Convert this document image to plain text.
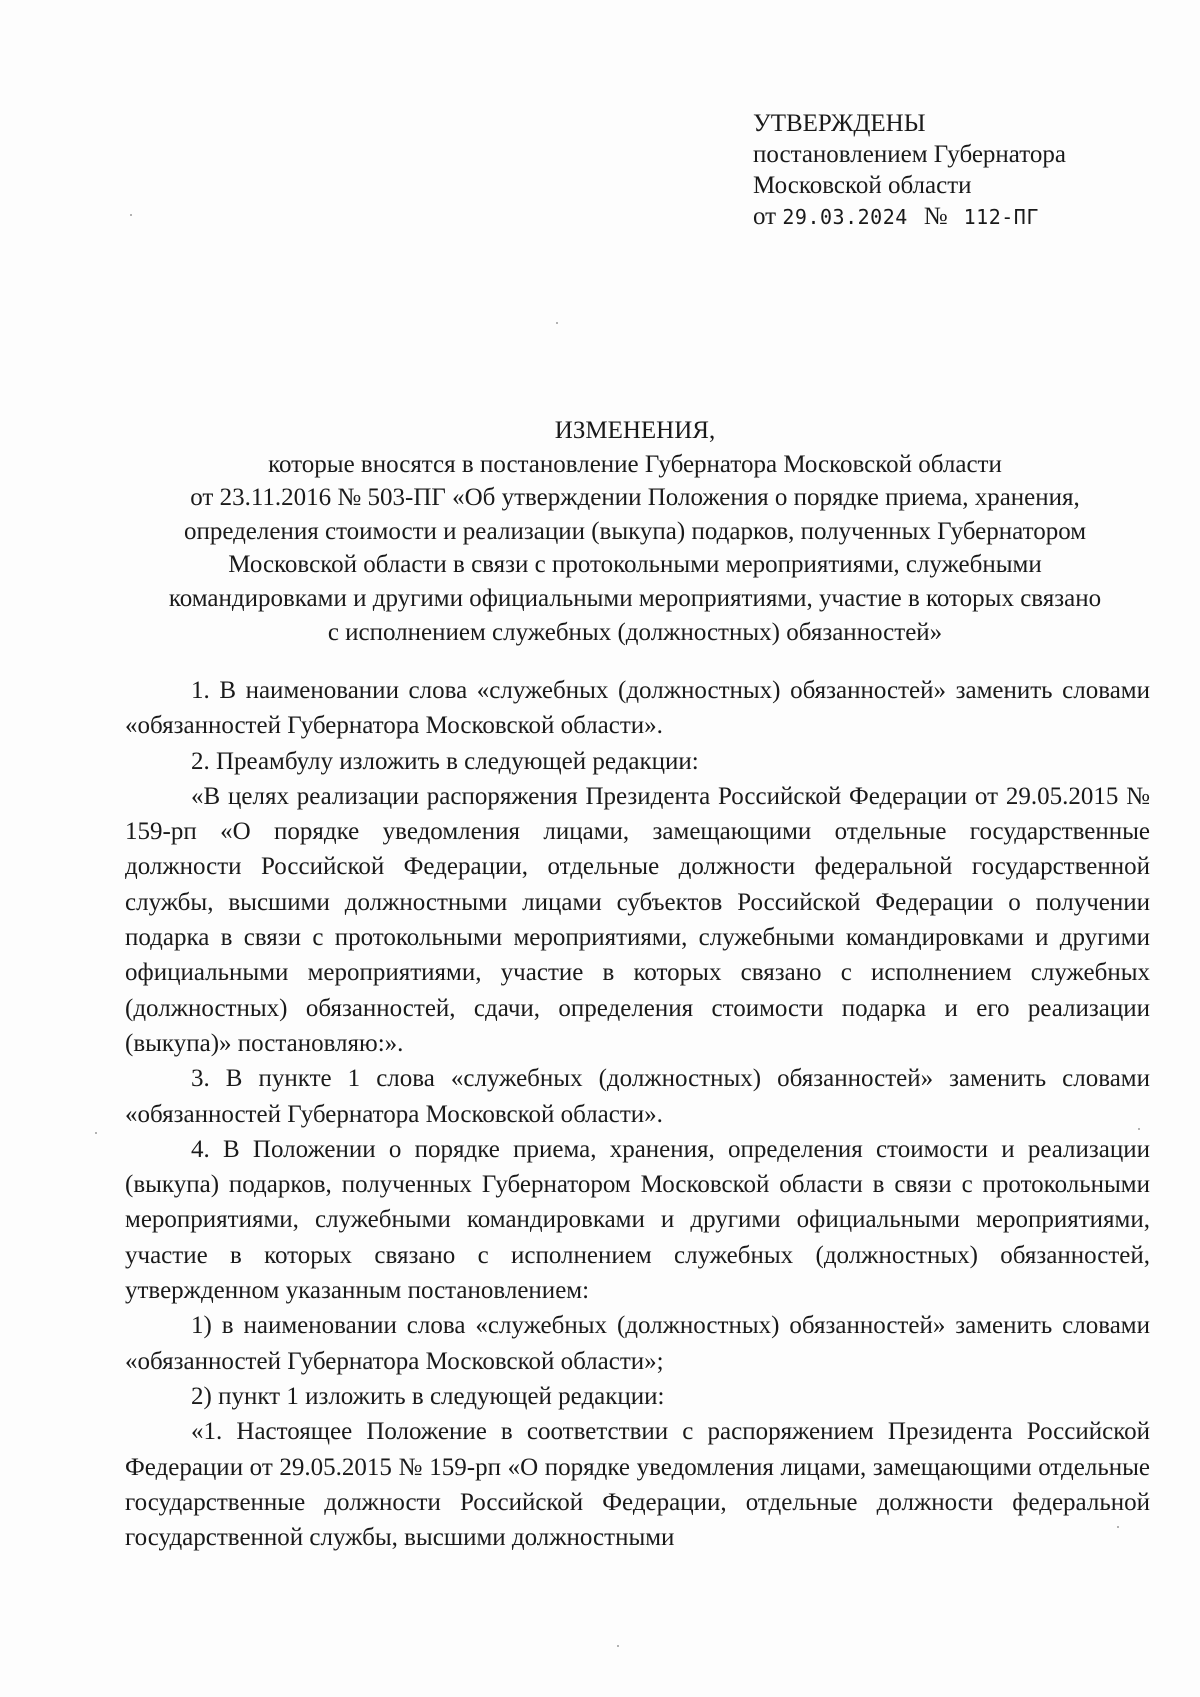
УТВЕРЖДЕНЫ
постановлением Губернатора
Московской области
от 29.03.2024 № 112-ПГ
ИЗМЕНЕНИЯ,
которые вносятся в постановление Губернатора Московской области
от 23.11.2016 № 503-ПГ «Об утверждении Положения о порядке приема, хранения,
определения стоимости и реализации (выкупа) подарков, полученных Губернатором
Московской области в связи с протокольными мероприятиями, служебными
командировками и другими официальными мероприятиями, участие в которых связано
с исполнением служебных (должностных) обязанностей»

1. В наименовании слова «служебных (должностных) обязанностей» заменить словами «обязанностей Губернатора Московской области».

2. Преамбулу изложить в следующей редакции:

«В целях реализации распоряжения Президента Российской Федерации от 29.05.2015 № 159-рп «О порядке уведомления лицами, замещающими отдельные государственные должности Российской Федерации, отдельные должности федеральной государственной службы, высшими должностными лицами субъектов Российской Федерации о получении подарка в связи с протокольными мероприятиями, служебными командировками и другими официальными мероприятиями, участие в которых связано с исполнением служебных (должностных) обязанностей, сдачи, определения стоимости подарка и его реализации (выкупа)» постановляю:».

3. В пункте 1 слова «служебных (должностных) обязанностей» заменить словами «обязанностей Губернатора Московской области».

4. В Положении о порядке приема, хранения, определения стоимости и реализации (выкупа) подарков, полученных Губернатором Московской области в связи с протокольными мероприятиями, служебными командировками и другими официальными мероприятиями, участие в которых связано с исполнением служебных (должностных) обязанностей, утвержденном указанным постановлением:

1) в наименовании слова «служебных (должностных) обязанностей» заменить словами «обязанностей Губернатора Московской области»;

2) пункт 1 изложить в следующей редакции:

«1. Настоящее Положение в соответствии с распоряжением Президента Российской Федерации от 29.05.2015 № 159-рп «О порядке уведомления лицами, замещающими отдельные государственные должности Российской Федерации, отдельные должности федеральной государственной службы, высшими должностными
